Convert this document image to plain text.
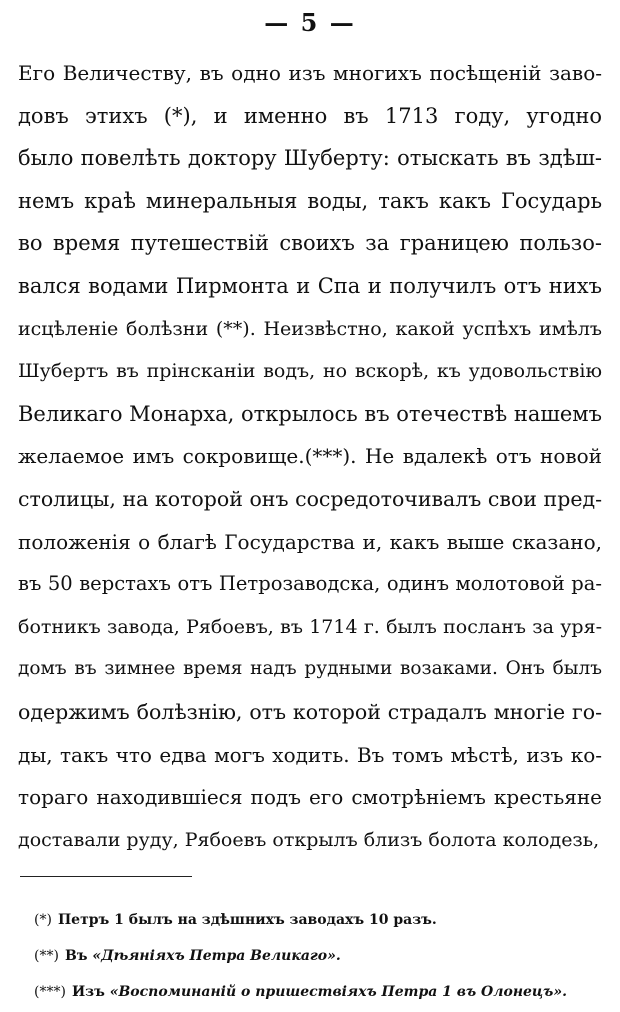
— 5 —
Его Величеству, въ одно изъ многихъ посѣщеній заво-
довъ этихъ (*), и именно въ 1713 году, угодно
было повелѣть доктору Шуберту: отыскать въ здѣш-
немъ краѣ минеральныя воды, такъ какъ Государь
во время путешествій своихъ за границею пользо-
вался водами Пирмонта и Спа и получилъ отъ нихъ
исцѣленіе болѣзни (**). Неизвѣстно, какой успѣхъ имѣлъ
Шубертъ въ прінсканіи водъ, но вскорѣ, къ удовольствію
Великаго Монарха, открылось въ отечествѣ нашемъ
желаемое имъ сокровище.(***). Не вдалекѣ отъ новой
столицы, на которой онъ сосредоточивалъ свои пред-
положенія о благѣ Государства и, какъ выше сказано,
въ 50 верстахъ отъ Петрозаводска, одинъ молотовой ра-
ботникъ завода, Рябоевъ, въ 1714 г. былъ посланъ за уря-
домъ въ зимнее время надъ рудными возаками. Онъ былъ
одержимъ болѣзнію, отъ которой страдалъ многіе го-
ды, такъ что едва могъ ходить. Въ томъ мѣстѣ, изъ ко-
тораго находившіеся подъ его смотрѣніемъ крестьяне
доставали руду, Рябоевъ открылъ близъ болота колодезь,
(*) Петръ 1 былъ на здѣшнихъ заводахъ 10 разъ.
(**) Въ «Дѣяніяхъ Петра Великаго».
(***) Изъ «Воспоминаній о пришествіяхъ Петра 1 въ Олонецъ».
